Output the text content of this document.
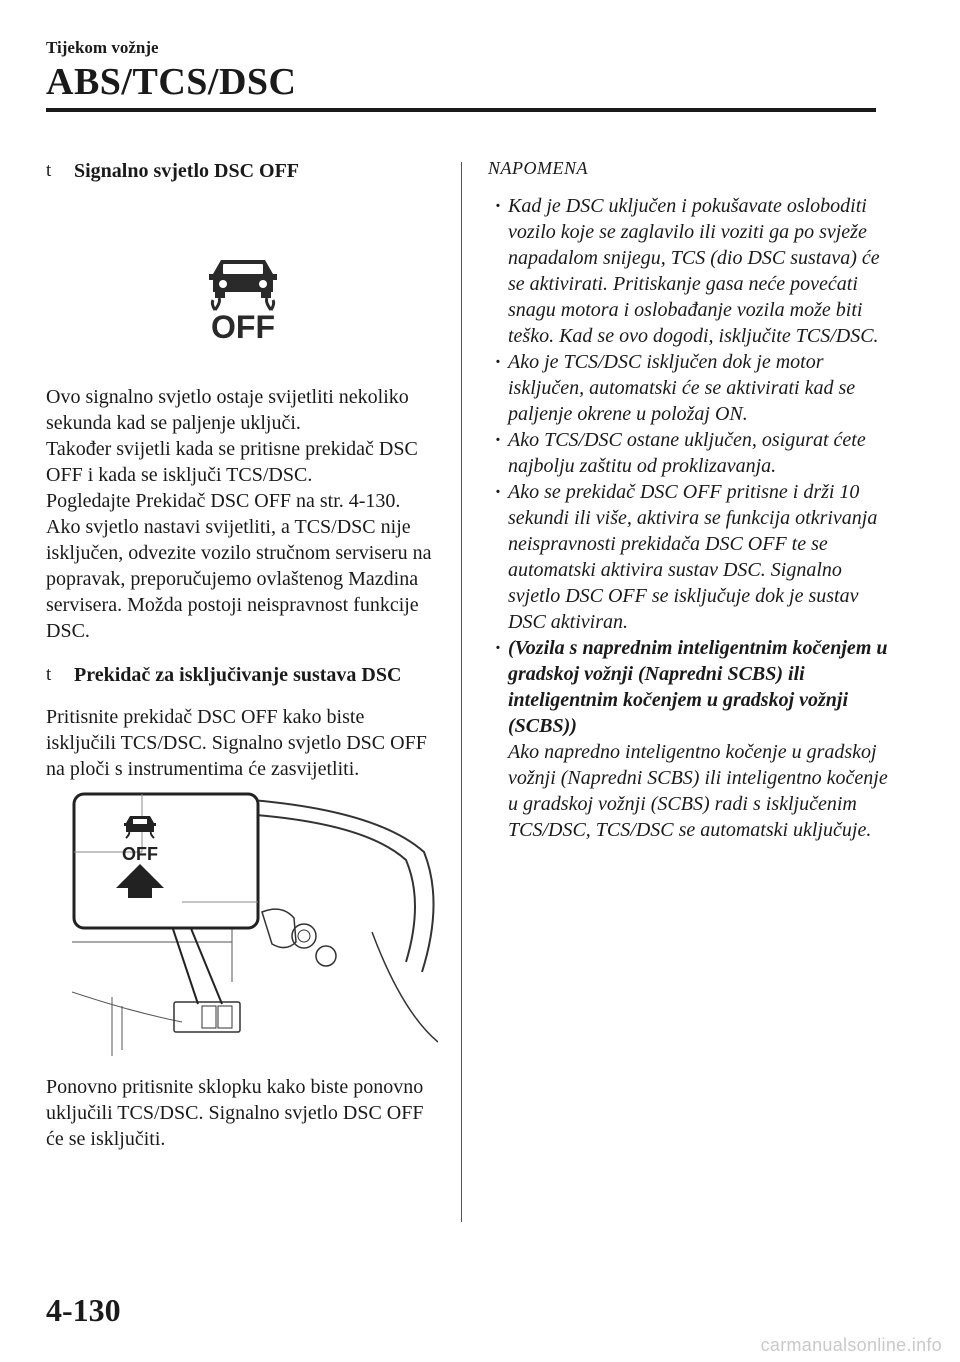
Tijekom vožnje
ABS/TCS/DSC
t	Signalno svjetlo DSC OFF
OFF

Ovo signalno svjetlo ostaje svijetliti nekoliko sekunda kad se paljenje uključi.

Također svijetli kada se pritisne prekidač DSC OFF i kada se isključi TCS/DSC.

Pogledajte Prekidač DSC OFF na str. 4-130.

Ako svjetlo nastavi svijetliti, a TCS/DSC nije isključen, odvezite vozilo stručnom serviseru na popravak, preporučujemo ovlaštenog Mazdina servisera. Možda postoji neispravnost funkcije DSC.

t	Prekidač za isključivanje sustava DSC

Pritisnite prekidač DSC OFF kako biste isključili TCS/DSC. Signalno svjetlo DSC OFF na ploči s instrumentima će zasvijetliti.

OFF

Ponovno pritisnite sklopku kako biste ponovno uključili TCS/DSC. Signalno svjetlo DSC OFF će se isključiti.

NAPOMENA
· Kad je DSC uključen i pokušavate osloboditi vozilo koje se zaglavilo ili voziti ga po svježe napadalom snijegu, TCS (dio DSC sustava) će se aktivirati. Pritiskanje gasa neće povećati snagu motora i oslobađanje vozila može biti teško. Kad se ovo dogodi, isključite TCS/DSC.
· Ako je TCS/DSC isključen dok je motor isključen, automatski će se aktivirati kad se paljenje okrene u položaj ON.
· Ako TCS/DSC ostane uključen, osigurat ćete najbolju zaštitu od proklizavanja.
· Ako se prekidač DSC OFF pritisne i drži 10 sekundi ili više, aktivira se funkcija otkrivanja neispravnosti prekidača DSC OFF te se automatski aktivira sustav DSC. Signalno svjetlo DSC OFF se isključuje dok je sustav DSC aktiviran.
· (Vozila s naprednim inteligentnim kočenjem u gradskoj vožnji (Napredni SCBS) ili inteligentnim kočenjem u gradskoj vožnji (SCBS))
Ako napredno inteligentno kočenje u gradskoj vožnji (Napredni SCBS) ili inteligentno kočenje u gradskoj vožnji (SCBS) radi s isključenim TCS/DSC, TCS/DSC se automatski uključuje.
4-130
carmanualsonline.info
